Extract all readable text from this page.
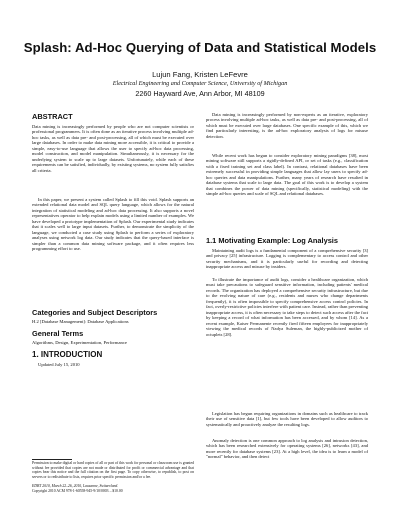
Splash: Ad-Hoc Querying of Data and Statistical Models
Lujun Fang, Kristen LeFevre
Electrical Engineering and Computer Science, University of Michigan
2260 Hayward Ave, Ann Arbor, MI 48109
ABSTRACT

Data mining is increasingly performed by people who are not computer scientists or professional programmers. It is often done as an iterative process involving multiple ad-hoc tasks, as well as data pre- and post-processing, all of which must be executed over large databases. In order to make data mining more accessible, it is critical to provide a simple, easy-to-use language that allows the user to specify ad-hoc data processing, model construction, and model manipulation. Simultaneously, it is necessary for the underlying system to scale up to large datasets. Unfortunately, while each of these requirements can be satisfied, individually, by existing systems, no system fully satisfies all criteria.

In this paper, we present a system called Splash to fill this void. Splash supports an extended relational data model and SQL query language, which allows for the natural integration of statistical modeling and ad-hoc data processing. It also supports a novel representatives operator to help explain models using a limited number of examples. We have developed a prototype implementation of Splash. Our experimental study indicates that it scales well to large input datasets. Further, to demonstrate the simplicity of the language, we conducted a case study using Splash to perform a series of exploratory analyses using network log data. Our study indicates that the query-based interface is simpler than a common data mining software package, and it often requires less programming effort to use.

Categories and Subject Descriptors
H.2 [Database Management]: Database Applications
General Terms
Algorithms, Design, Experimentation, Performance
1. INTRODUCTION
Updated July 15, 2010
Permission to make digital or hard copies of all or part of this work for personal or classroom use is granted without fee provided that copies are not made or distributed for profit or commercial advantage and that copies bear this notice and the full citation on the first page. To copy otherwise, to republish, to post on servers or to redistribute to lists, requires prior specific permission and/or a fee.
EDBT 2010, March 22–26, 2010, Lausanne, Switzerland.
Copyright 2010 ACM 978-1-60558-945-9/10/0003 ...$10.00

Data mining is increasingly performed by non-experts as an iterative, exploratory process involving multiple ad-hoc tasks, as well as data pre- and post-processing, all of which must be executed over large databases. One specific example of this, which we find particularly interesting, is the ad-hoc exploratory analysis of logs for misuse detection.

While recent work has begun to consider exploratory mining paradigms [38], most mining software still supports a rigidly-defined API, or set of tasks (e.g., classification with a fixed training set and class label). In contrast, relational databases have been extremely successful in providing simple languages that allow lay users to specify ad-hoc queries and data manipulations. Further, many years of research have resulted in database systems that scale to large data. The goal of this work is to develop a system that combines the power of data mining (specifically, statistical modeling) with the simple ad-hoc queries and scale of SQL and relational databases.

1.1 Motivating Example: Log Analysis

Maintaining audit logs is a fundamental component of a comprehensive security [3] and privacy [25] infrastructure. Logging is complementary to access control and other security mechanisms, and it is particularly useful for recording and detecting inappropriate access and misuse by insiders.

To illustrate the importance of audit logs, consider a healthcare organization, which must take precautions to safeguard sensitive information, including patients' medical records. The organization has deployed a comprehensive security infrastructure, but due to the evolving nature of care (e.g., residents and nurses who change departments frequently), it is often impossible to specify comprehensive access control policies. In fact, overly-restrictive policies interfere with patient care. Instead, rather than preventing inappropriate access, it is often necessary to take steps to detect such access after the fact by keeping a record of what information has been accessed, and by whom [14]. As a recent example, Kaiser Permanente recently fired fifteen employees for inappropriately viewing the medical records of Nadya Suleman, the highly-publicized mother of octuplets [28].

Legislation has begun requiring organizations in domains such as healthcare to track their use of sensitive data [1], but few tools have been developed to allow auditors to systematically and proactively analyze the resulting logs.

Anomaly detection is one common approach to log analysis and intrusion detection, which has been researched extensively for operating systems [26], networks [43], and more recently for database systems [23]. At a high level, the idea is to learn a model of "normal" behavior, and then detect
